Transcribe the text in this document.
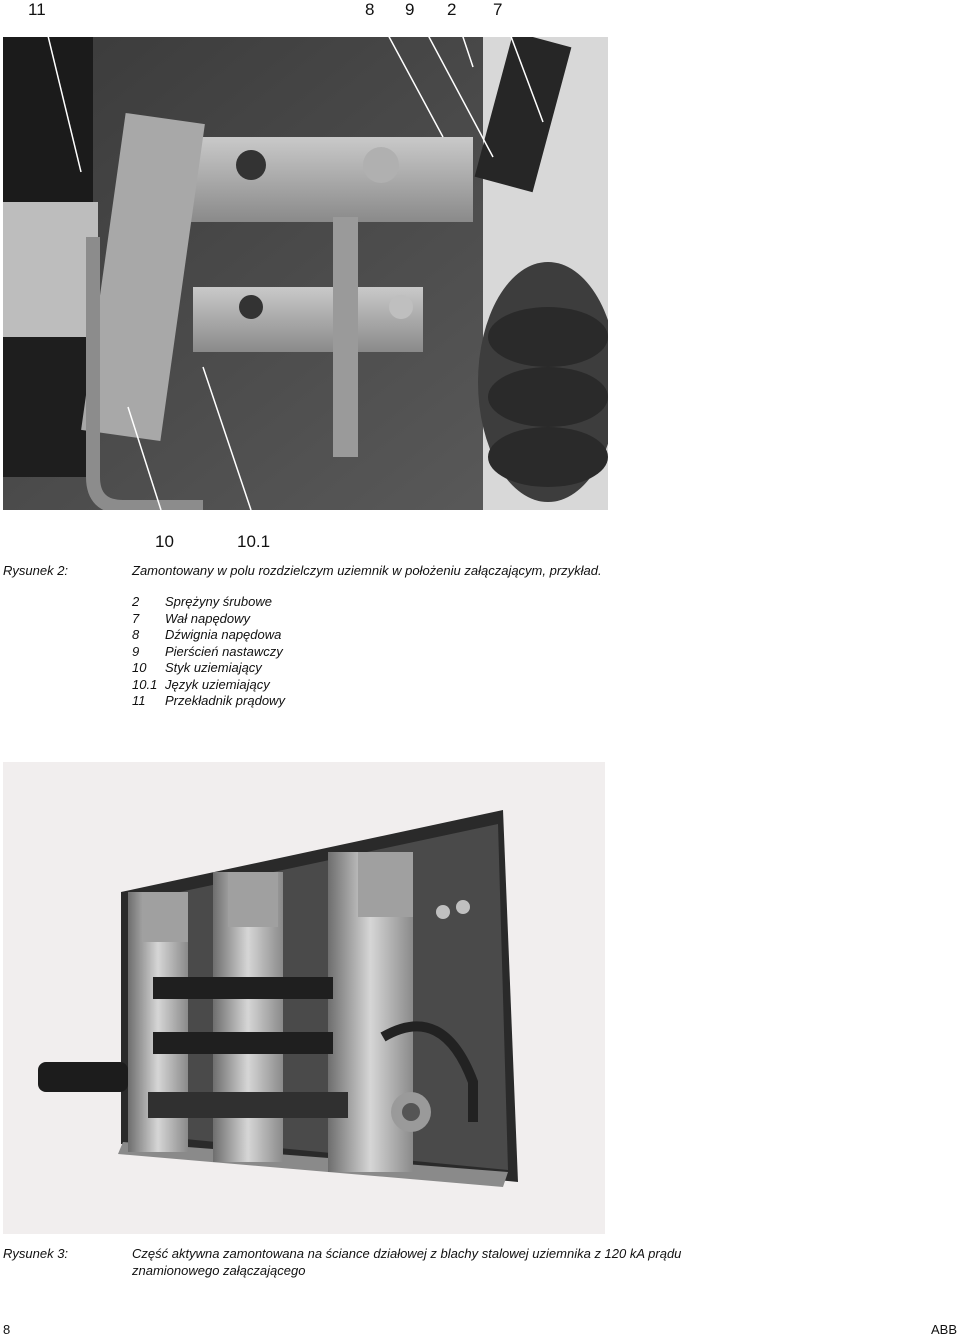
11	8 9 2 7
10	10.1
Rysunek 2:	Zamontowany w polu rozdzielczym uziemnik w położeniu załączającym, przykład.
2	Sprężyny śrubowe
7	Wał napędowy
8	Dźwignia napędowa
9	Pierścień nastawczy
10	Styk uziemiający
10.1 Język uziemiający
11	Przekładnik prądowy
Rysunek 3:	Część aktywna zamontowana na ściance działowej z blachy stalowej uziemnika z 120 kA prądu
znamionowego załączającego
8	ABB
